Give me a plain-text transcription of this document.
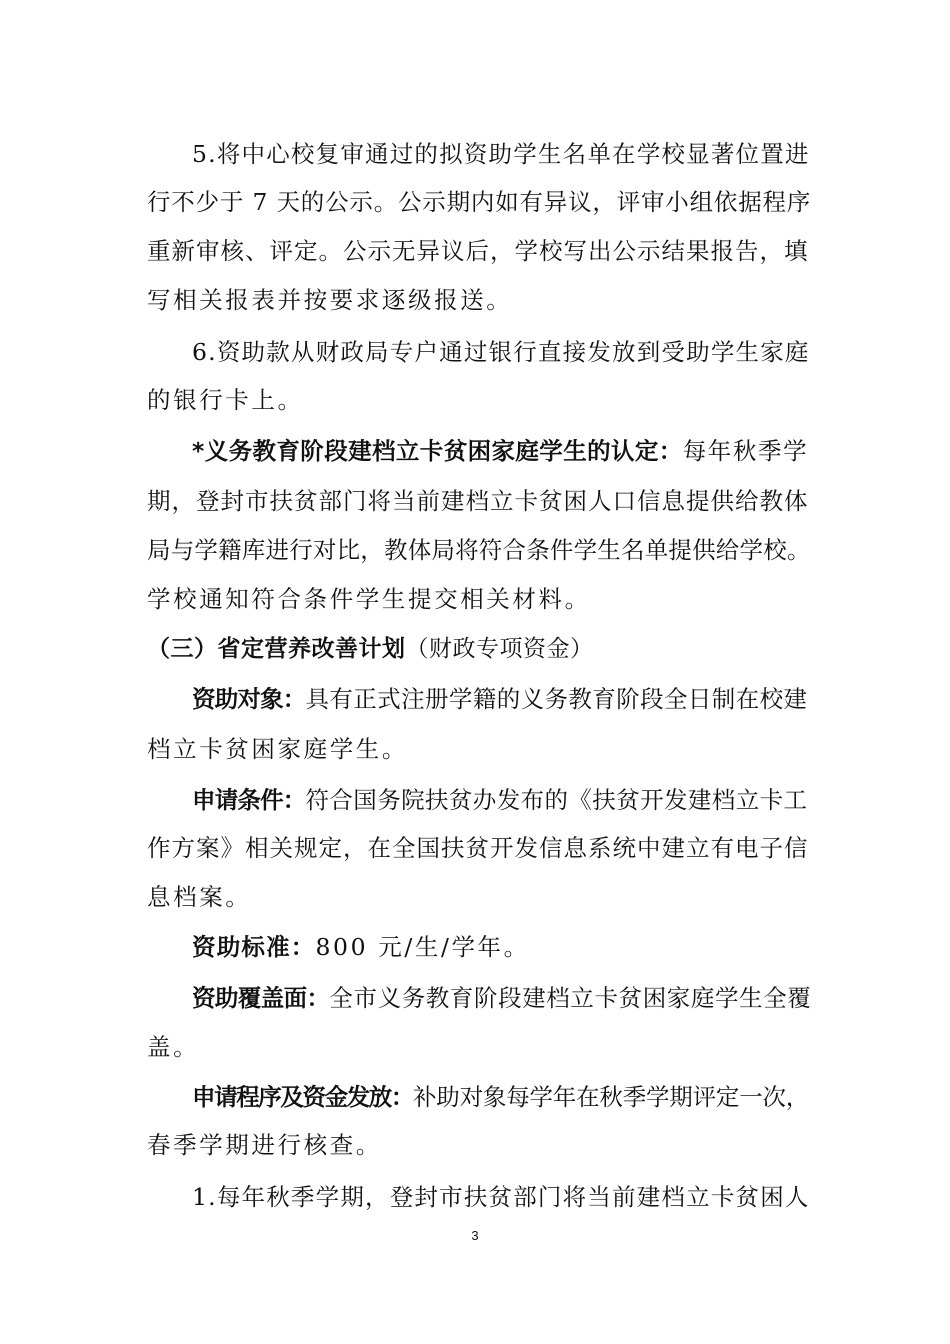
5.将中心校复审通过的拟资助学生名单在学校显著位置进
行不少于 7 天的公示。公示期内如有异议，评审小组依据程序
重新审核、评定。公示无异议后，学校写出公示结果报告，填
写相关报表并按要求逐级报送。
6.资助款从财政局专户通过银行直接发放到受助学生家庭
的银行卡上。
*义务教育阶段建档立卡贫困家庭学生的认定：每年秋季学
期，登封市扶贫部门将当前建档立卡贫困人口信息提供给教体
局与学籍库进行对比，教体局将符合条件学生名单提供给学校。
学校通知符合条件学生提交相关材料。
（三）省定营养改善计划（财政专项资金）
资助对象：具有正式注册学籍的义务教育阶段全日制在校建
档立卡贫困家庭学生。
申请条件：符合国务院扶贫办发布的《扶贫开发建档立卡工
作方案》相关规定，在全国扶贫开发信息系统中建立有电子信
息档案。
资助标准：800 元/生/学年。
资助覆盖面：全市义务教育阶段建档立卡贫困家庭学生全覆
盖。
申请程序及资金发放：补助对象每学年在秋季学期评定一次，
春季学期进行核查。
1.每年秋季学期，登封市扶贫部门将当前建档立卡贫困人
3
